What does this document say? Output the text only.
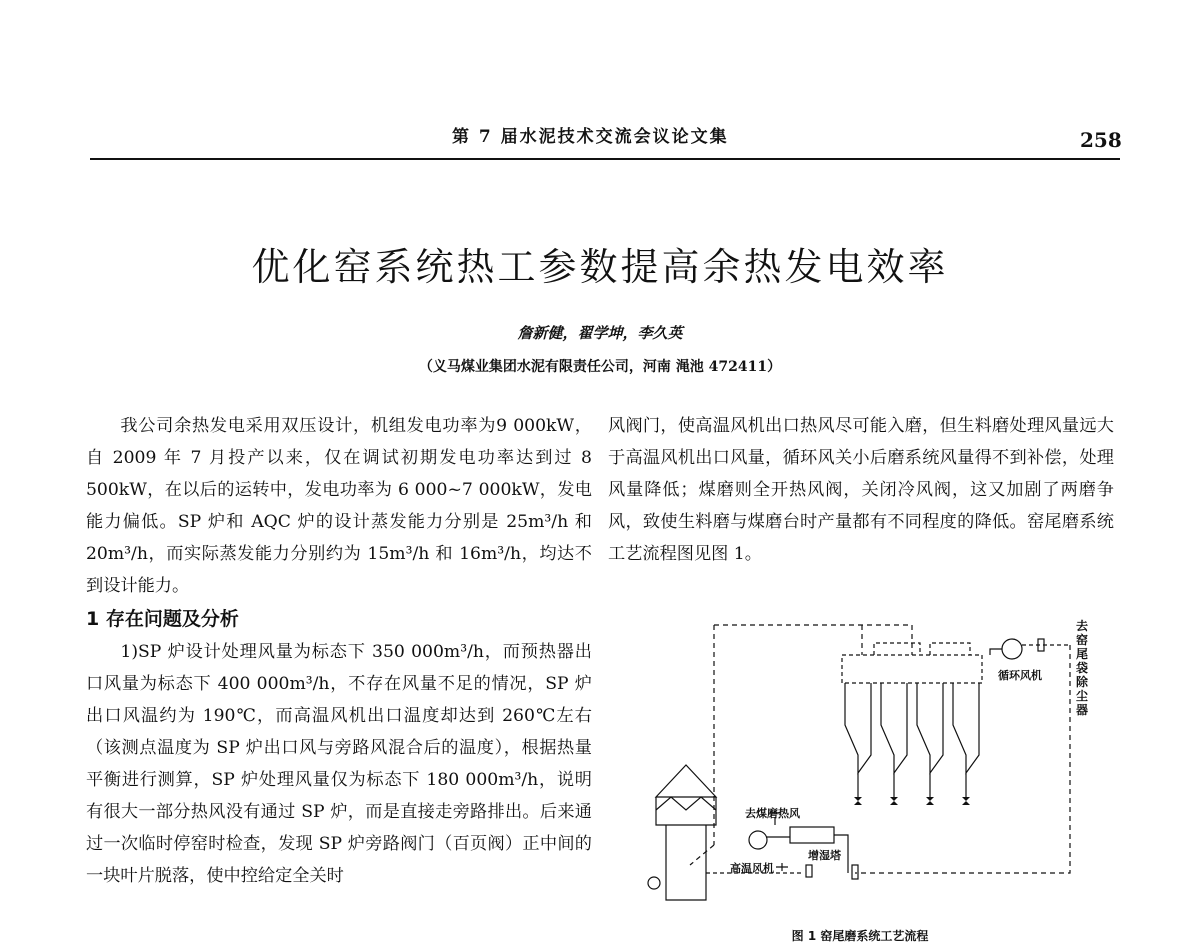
第 7 届水泥技术交流会议论文集	258
优化窑系统热工参数提高余热发电效率
詹新健，翟学坤，李久英
（义马煤业集团水泥有限责任公司，河南 渑池 472411）

我公司余热发电采用双压设计，机组发电功率为9 000kW，自 2009 年 7 月投产以来，仅在调试初期发电功率达到过 8 500kW，在以后的运转中，发电功率为 6 000~7 000kW，发电能力偏低。SP 炉和 AQC 炉的设计蒸发能力分别是 25m³/h 和 20m³/h，而实际蒸发能力分别约为 15m³/h 和 16m³/h，均达不到设计能力。

1 存在问题及分析

1)SP 炉设计处理风量为标态下 350 000m³/h，而预热器出口风量为标态下 400 000m³/h，不存在风量不足的情况，SP 炉出口风温约为 190℃，而高温风机出口温度却达到 260℃左右（该测点温度为 SP 炉出口风与旁路风混合后的温度），根据热量平衡进行测算，SP 炉处理风量仅为标态下 180 000m³/h，说明有很大一部分热风没有通过 SP 炉，而是直接走旁路排出。后来通过一次临时停窑时检查，发现 SP 炉旁路阀门（百页阀）正中间的一块叶片脱落，使中控给定全关时

风阀门，使高温风机出口热风尽可能入磨，但生料磨处理风量远大于高温风机出口风量，循环风关小后磨系统风量得不到补偿，处理风量降低；煤磨则全开热风阀，关闭冷风阀，这又加剧了两磨争风，致使生料磨与煤磨台时产量都有不同程度的降低。窑尾磨系统工艺流程图见图 1。

循环风机
去煤磨热风
增湿塔
高温风机
去窑尾袋除尘器
图 1 窑尾磨系统工艺流程
